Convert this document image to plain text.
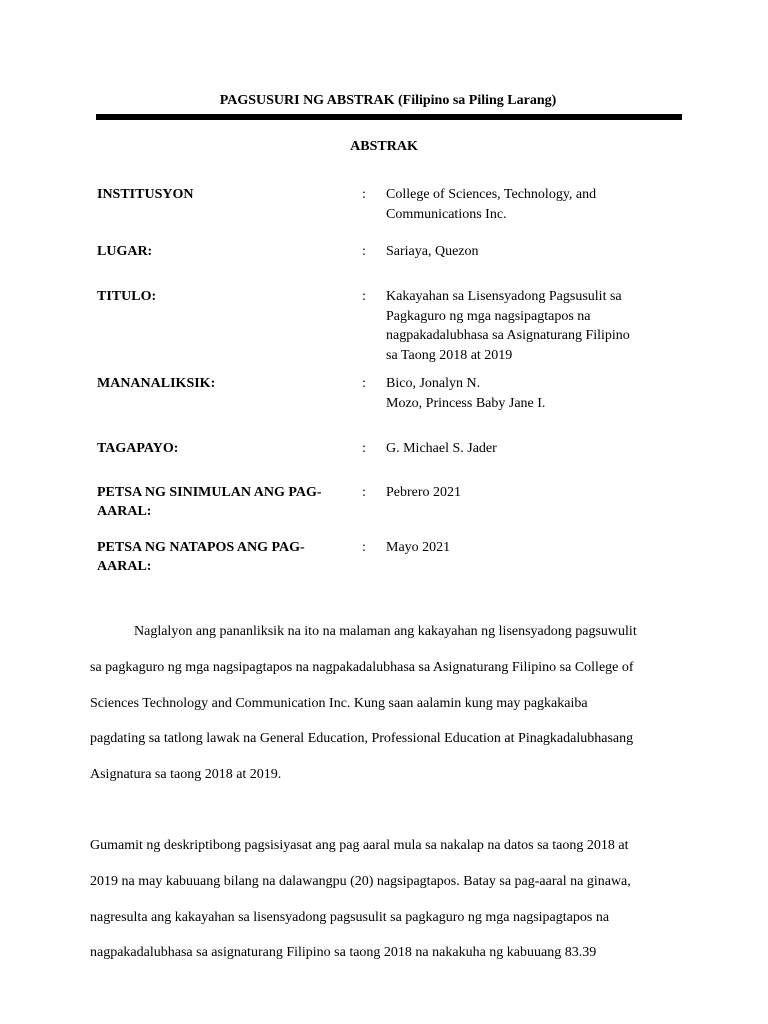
PAGSUSURI NG ABSTRAK (Filipino sa Piling Larang)
ABSTRAK
INSTITUSYON	: College of Sciences, Technology, and
Communications Inc.
LUGAR:	: Sariaya, Quezon
TITULO:	: Kakayahan sa Lisensyadong Pagsusulit sa
Pagkaguro ng mga nagsipagtapos na
nagpakadalubhasa sa Asignaturang Filipino
sa Taong 2018 at 2019
MANANALIKSIK:	: Bico, Jonalyn N.
Mozo, Princess Baby Jane I.
TAGAPAYO:	: G. Michael S. Jader
PETSA NG SINIMULAN ANG PAG-AARAL:
: Pebrero 2021
PETSA NG NATAPOS ANG PAG-AARAL:
: Mayo 2021
Naglalyon ang pananliksik na ito na malaman ang kakayahan ng lisensyadong pagsuwulit
sa pagkaguro ng mga nagsipagtapos na nagpakadalubhasa sa Asignaturang Filipino sa College of
Sciences Technology and Communication Inc. Kung saan aalamin kung may pagkakaiba
pagdating sa tatlong lawak na General Education, Professional Education at Pinagkadalubhasang
Asignatura sa taong 2018 at 2019.
Gumamit ng deskriptibong pagsisiyasat ang pag aaral mula sa nakalap na datos sa taong 2018 at
2019 na may kabuuang bilang na dalawangpu (20) nagsipagtapos. Batay sa pag-aaral na ginawa,
nagresulta ang kakayahan sa lisensyadong pagsusulit sa pagkaguro ng mga nagsipagtapos na
nagpakadalubhasa sa asignaturang Filipino sa taong 2018 na nakakuha ng kabuuang 83.39
